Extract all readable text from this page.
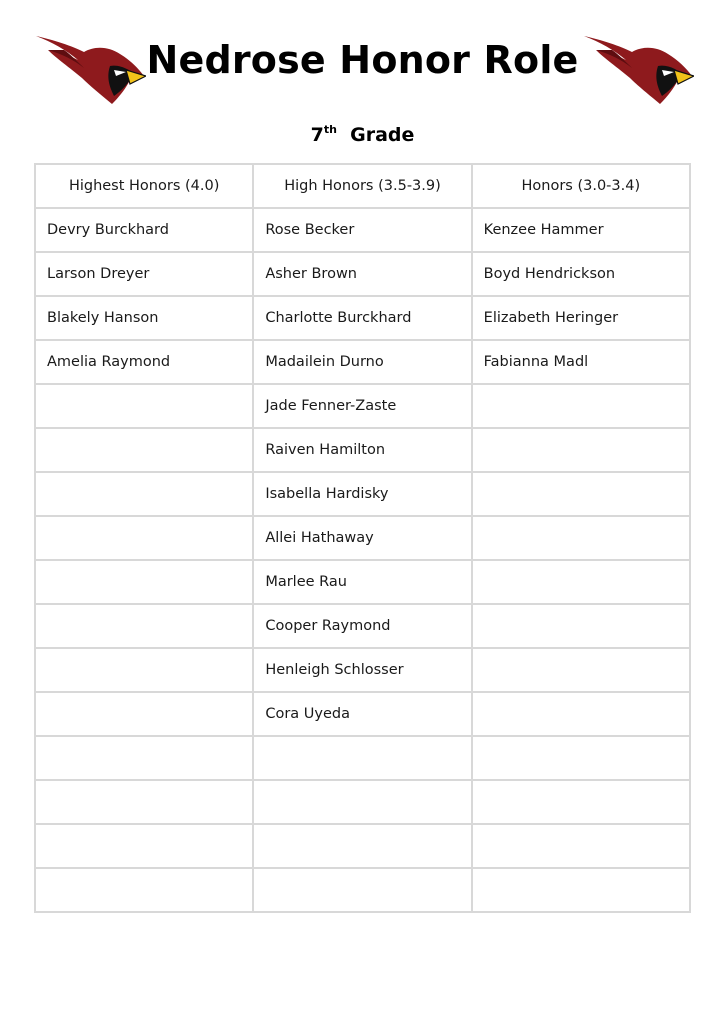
Nedrose Honor Role
7th Grade
Highest Honors (4.0)	High Honors (3.5-3.9)	Honors (3.0-3.4)
Devry Burckhard	Rose Becker	Kenzee Hammer
Larson Dreyer	Asher Brown	Boyd Hendrickson
Blakely Hanson	Charlotte Burckhard	Elizabeth Heringer
Amelia Raymond	Madailein Durno	Fabianna Madl
	Jade Fenner-Zaste	
	Raiven Hamilton	
	Isabella Hardisky	
	Allei Hathaway	
	Marlee Rau	
	Cooper Raymond	
	Henleigh Schlosser	
	Cora Uyeda	
